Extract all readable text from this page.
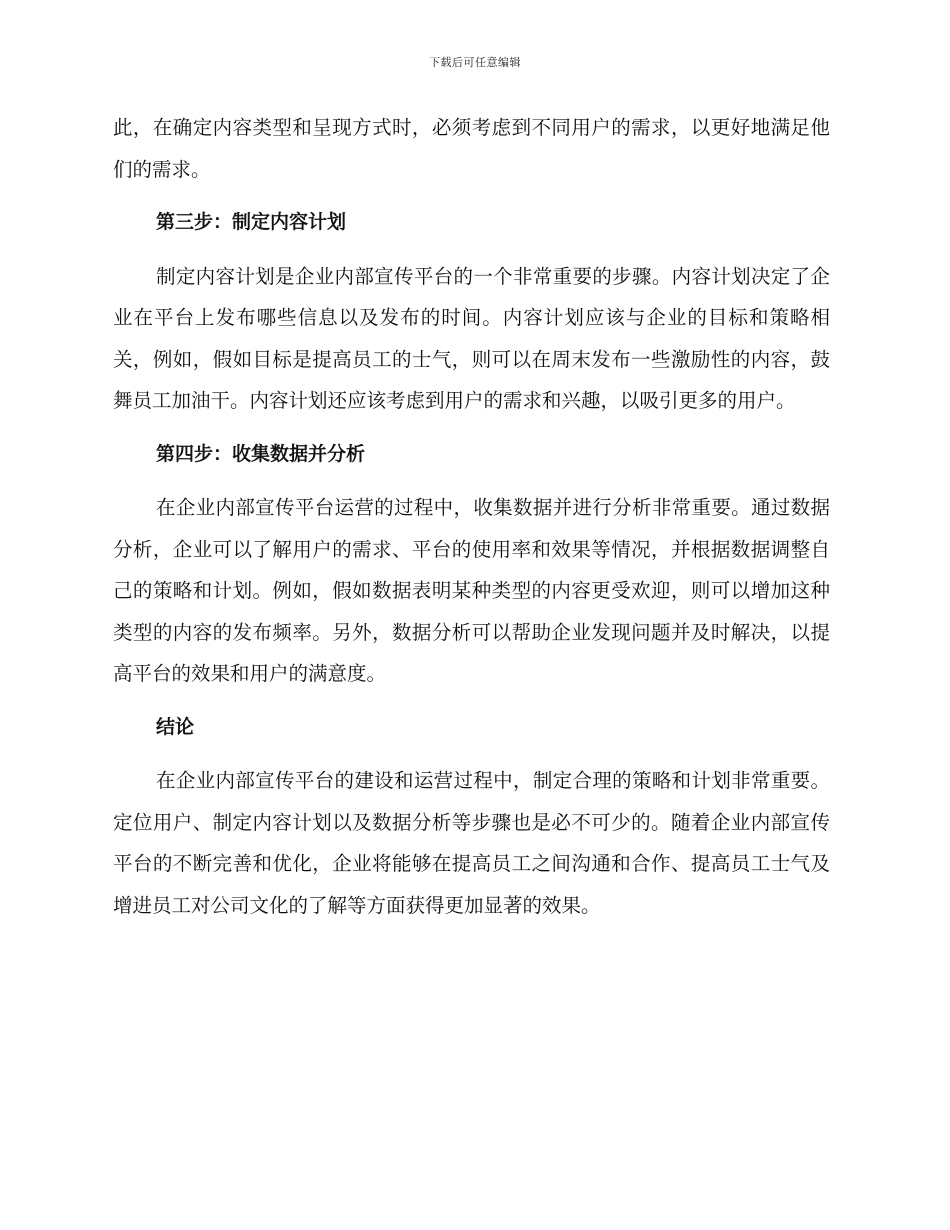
下载后可任意编辑

此，在确定内容类型和呈现方式时，必须考虑到不同用户的需求，以更好地满足他们的需求。

第三步：制定内容计划

制定内容计划是企业内部宣传平台的一个非常重要的步骤。内容计划决定了企业在平台上发布哪些信息以及发布的时间。内容计划应该与企业的目标和策略相关，例如，假如目标是提高员工的士气，则可以在周末发布一些激励性的内容，鼓舞员工加油干。内容计划还应该考虑到用户的需求和兴趣，以吸引更多的用户。

第四步：收集数据并分析

在企业内部宣传平台运营的过程中，收集数据并进行分析非常重要。通过数据分析，企业可以了解用户的需求、平台的使用率和效果等情况，并根据数据调整自己的策略和计划。例如，假如数据表明某种类型的内容更受欢迎，则可以增加这种类型的内容的发布频率。另外，数据分析可以帮助企业发现问题并及时解决，以提高平台的效果和用户的满意度。

结论

在企业内部宣传平台的建设和运营过程中，制定合理的策略和计划非常重要。定位用户、制定内容计划以及数据分析等步骤也是必不可少的。随着企业内部宣传平台的不断完善和优化，企业将能够在提高员工之间沟通和合作、提高员工士气及增进员工对公司文化的了解等方面获得更加显著的效果。
